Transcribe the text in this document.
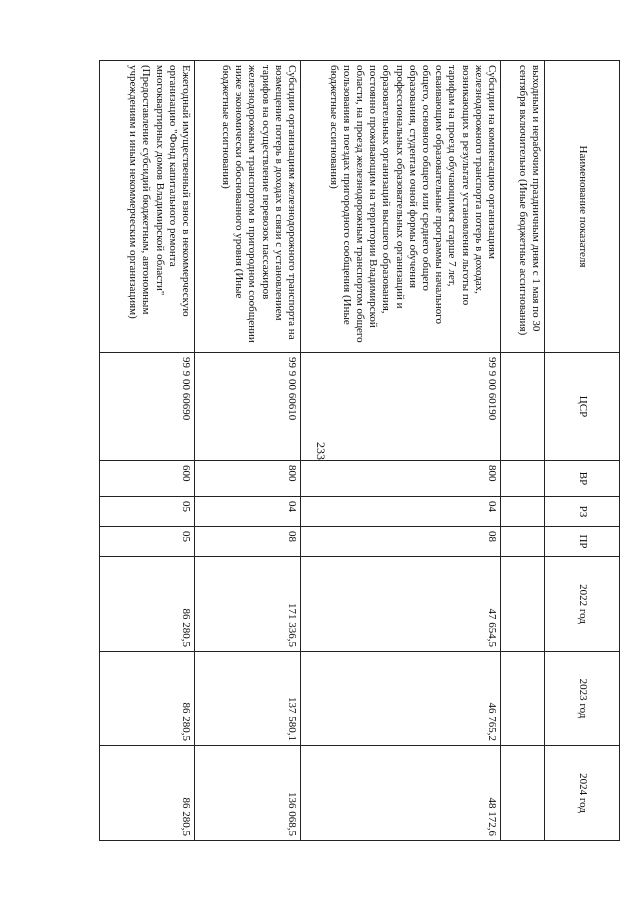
233
Наименование показателя	ЦСР	ВР	РЗ	ПР	2022 год	2023 год	2024 год
выходным и нерабочим праздничным дням с 1 мая по 30 сентября включительно (Иные бюджетные ассигнования)							
Субсидии на компенсацию организациям железнодорожного транспорта потерь в доходах, возникающих в результате установления льготы по тарифам на проезд обучающимся старше 7 лет, осваивающим образовательные программы начального общего, основного общего или среднего общего образования, студентам очной формы обучения профессиональных образовательных организаций и образовательных организаций высшего образования, постоянно проживающим на территории Владимирской области, на проезд железнодорожным транспортом общего пользования в поездах пригородного сообщения (Иные бюджетные ассигнования)	99 9 00 60190	800	04	08	47 654,5	46 765,2	48 172,6
Субсидии организациям железнодорожного транспорта на возмещение потерь в доходах в связи с установлением тарифов на осуществление перевозок пассажиров железнодорожным транспортом в пригородном сообщении ниже экономически обоснованного уровня (Иные бюджетные ассигнования)	99 9 00 60610	800	04	08	171 336,5	137 580,1	136 068,5
Ежегодный имущественный взнос в некоммерческую организацию "Фонд капитального ремонта многоквартирных домов Владимирской области" (Предоставление субсидий бюджетным, автономным учреждениям и иным некоммерческим организациям)	99 9 00 60690	600	05	05	86 280,5	86 280,5	86 280,5
